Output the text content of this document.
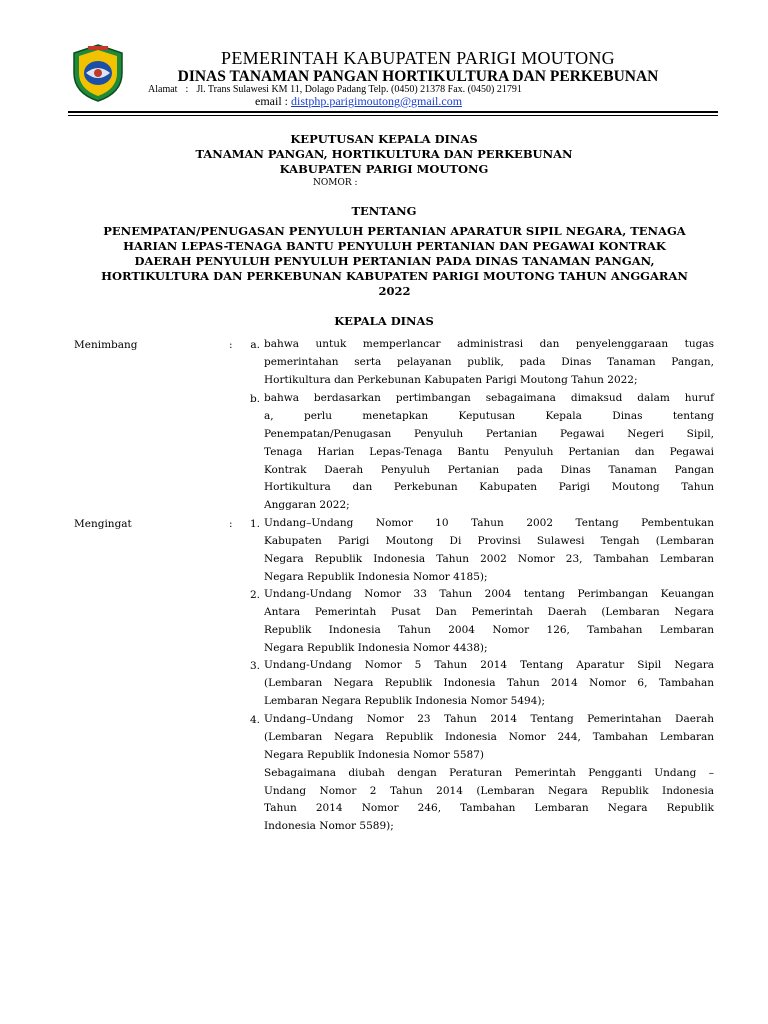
PEMERINTAH KABUPATEN PARIGI MOUTONG
DINAS TANAMAN PANGAN HORTIKULTURA DAN PERKEBUNAN
Alamat : Jl. Trans Sulawesi KM 11, Dolago Padang Telp. (0450) 21378 Fax. (0450) 21791
email : distphp.parigimoutong@gmail.com
KEPUTUSAN KEPALA DINAS
TANAMAN PANGAN, HORTIKULTURA DAN PERKEBUNAN
KABUPATEN PARIGI MOUTONG
NOMOR :
TENTANG
PENEMPATAN/PENUGASAN PENYULUH PERTANIAN APARATUR SIPIL NEGARA, TENAGA
HARIAN LEPAS-TENAGA BANTU PENYULUH PERTANIAN DAN PEGAWAI KONTRAK
DAERAH PENYULUH PENYULUH PERTANIAN PADA DINAS TANAMAN PANGAN,
HORTIKULTURA DAN PERKEBUNAN KABUPATEN PARIGI MOUTONG TAHUN ANGGARAN
2022
KEPALA DINAS
Menimbang	:	a. bahwa untuk memperlancar administrasi dan penyelenggaraan tugas
pemerintahan serta pelayanan publik, pada Dinas Tanaman Pangan,
Hortikultura dan Perkebunan Kabupaten Parigi Moutong Tahun 2022;
b. bahwa berdasarkan pertimbangan sebagaimana dimaksud dalam huruf
a, perlu menetapkan Keputusan Kepala Dinas tentang
Penempatan/Penugasan Penyuluh Pertanian Pegawai Negeri Sipil,
Tenaga Harian Lepas-Tenaga Bantu Penyuluh Pertanian dan Pegawai
Kontrak Daerah Penyuluh Pertanian pada Dinas Tanaman Pangan
Hortikultura dan Perkebunan Kabupaten Parigi Moutong Tahun
Anggaran 2022;
Mengingat	:	1. Undang–Undang Nomor 10 Tahun 2002 Tentang Pembentukan
Kabupaten Parigi Moutong Di Provinsi Sulawesi Tengah (Lembaran
Negara Republik Indonesia Tahun 2002 Nomor 23, Tambahan Lembaran
Negara Republik Indonesia Nomor 4185);
2. Undang-Undang Nomor 33 Tahun 2004 tentang Perimbangan Keuangan
Antara Pemerintah Pusat Dan Pemerintah Daerah (Lembaran Negara
Republik Indonesia Tahun 2004 Nomor 126, Tambahan Lembaran
Negara Republik Indonesia Nomor 4438);
3. Undang-Undang Nomor 5 Tahun 2014 Tentang Aparatur Sipil Negara
(Lembaran Negara Republik Indonesia Tahun 2014 Nomor 6, Tambahan
Lembaran Negara Republik Indonesia Nomor 5494);
4. Undang–Undang Nomor 23 Tahun 2014 Tentang Pemerintahan Daerah
(Lembaran Negara Republik Indonesia Nomor 244, Tambahan Lembaran
Negara Republik Indonesia Nomor 5587)
Sebagaimana diubah dengan Peraturan Pemerintah Pengganti Undang –
Undang Nomor 2 Tahun 2014 (Lembaran Negara Republik Indonesia
Tahun 2014 Nomor 246, Tambahan Lembaran Negara Republik
Indonesia Nomor 5589);
